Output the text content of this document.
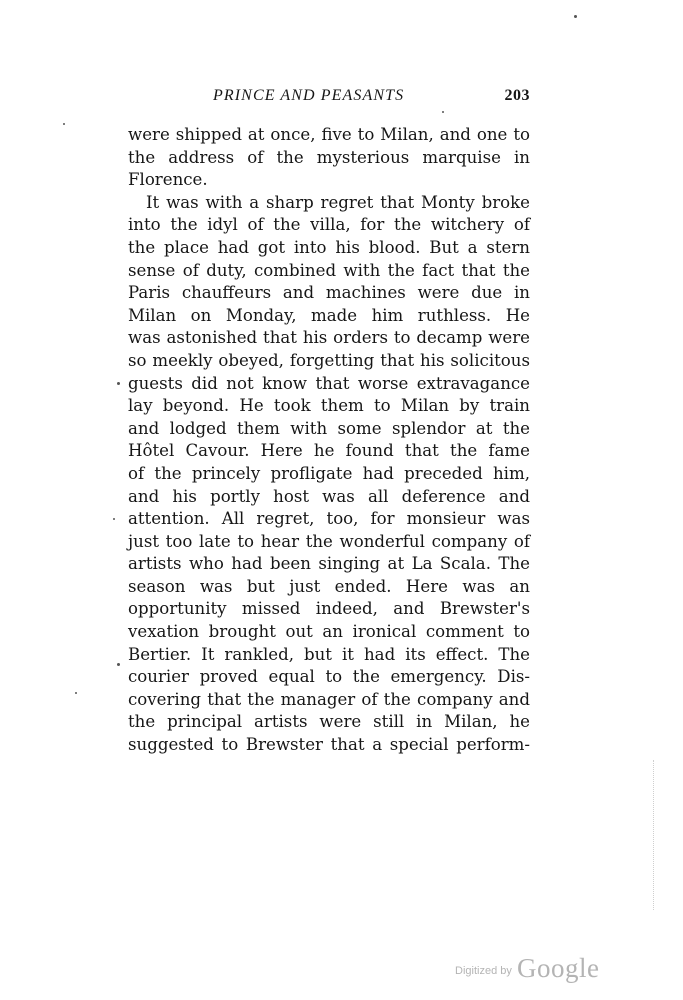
PRINCE AND PEASANTS	203
were shipped at once, five to Milan, and one to
the address of the mysterious marquise in
Florence.
It was with a sharp regret that Monty broke
into the idyl of the villa, for the witchery of
the place had got into his blood. But a stern
sense of duty, combined with the fact that the
Paris chauffeurs and machines were due in
Milan on Monday, made him ruthless. He
was astonished that his orders to decamp were
so meekly obeyed, forgetting that his solicitous
guests did not know that worse extravagance
lay beyond. He took them to Milan by train
and lodged them with some splendor at the
Hôtel Cavour. Here he found that the fame
of the princely profligate had preceded him,
and his portly host was all deference and
attention. All regret, too, for monsieur was
just too late to hear the wonderful company of
artists who had been singing at La Scala. The
season was but just ended. Here was an
opportunity missed indeed, and Brewster's
vexation brought out an ironical comment to
Bertier. It rankled, but it had its effect. The
courier proved equal to the emergency. Dis-
covering that the manager of the company and
the principal artists were still in Milan, he
suggested to Brewster that a special perform-
Digitized by Google
